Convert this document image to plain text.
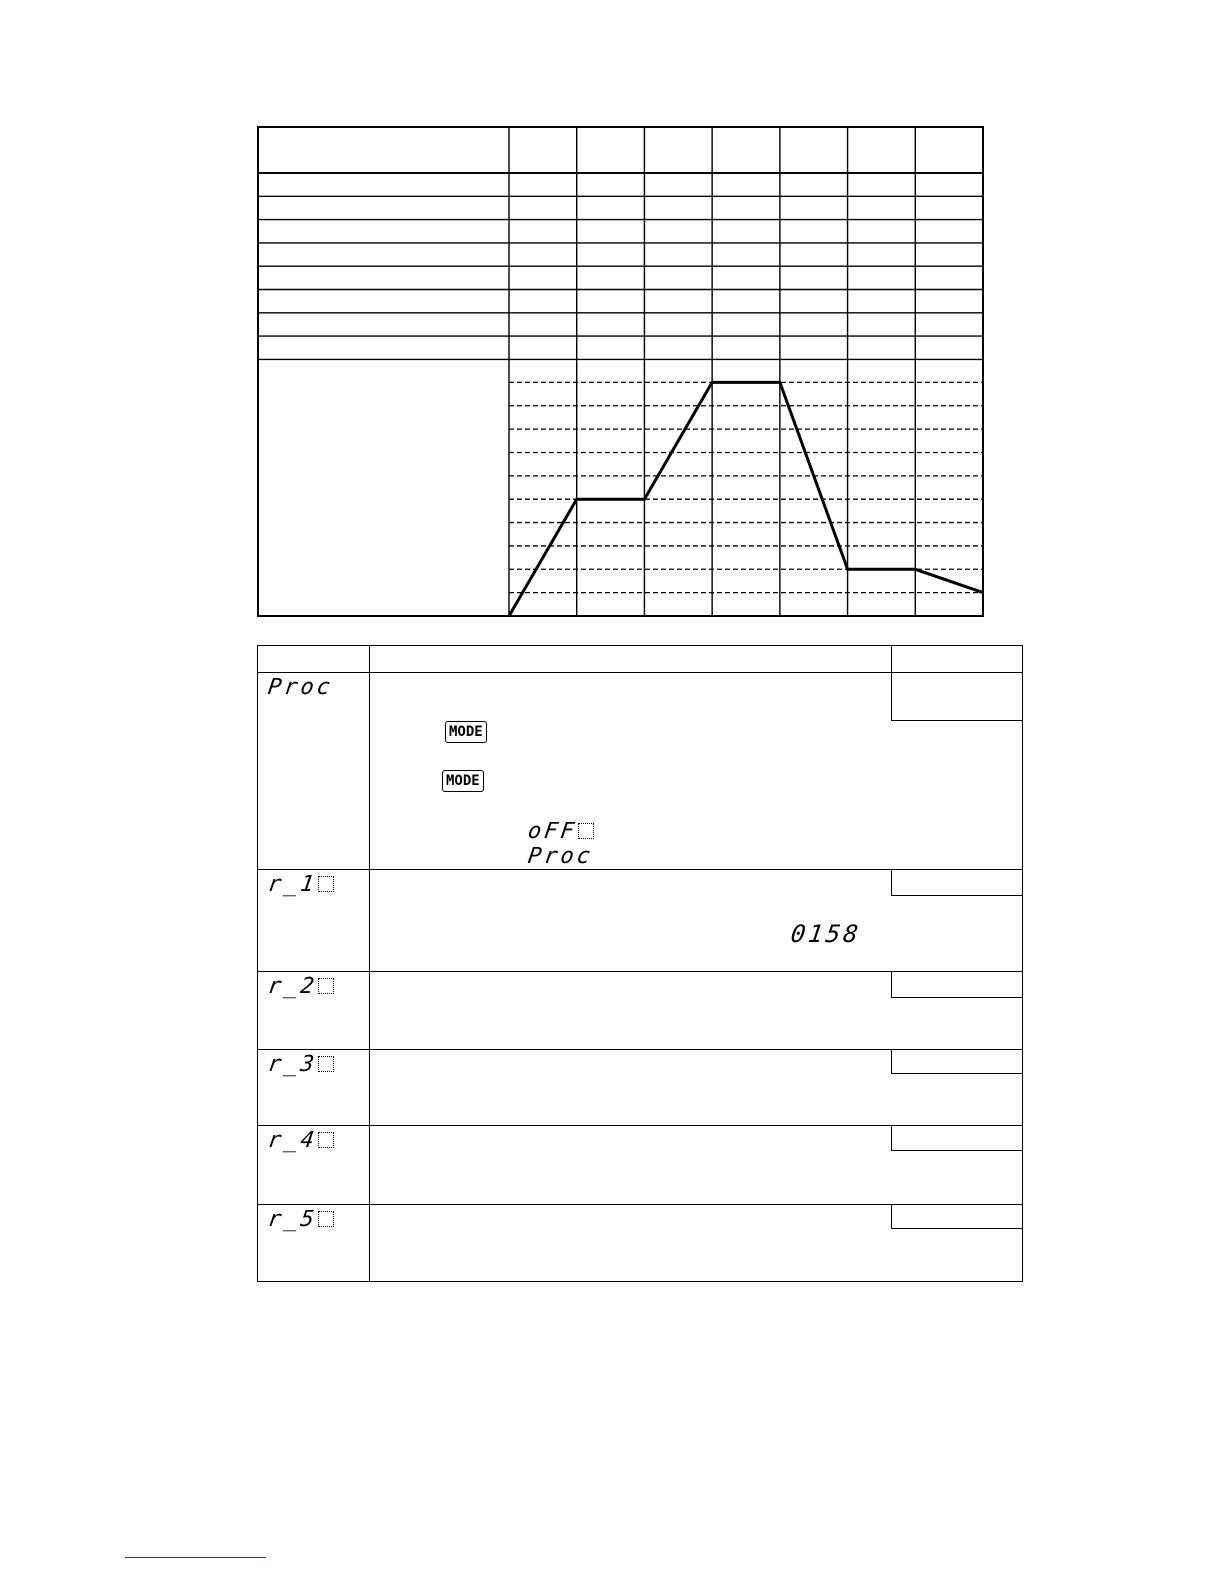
Proc
MODE
MODE
oFF
Proc
r_1
0158
r_2
r_3
r_4
r_5
